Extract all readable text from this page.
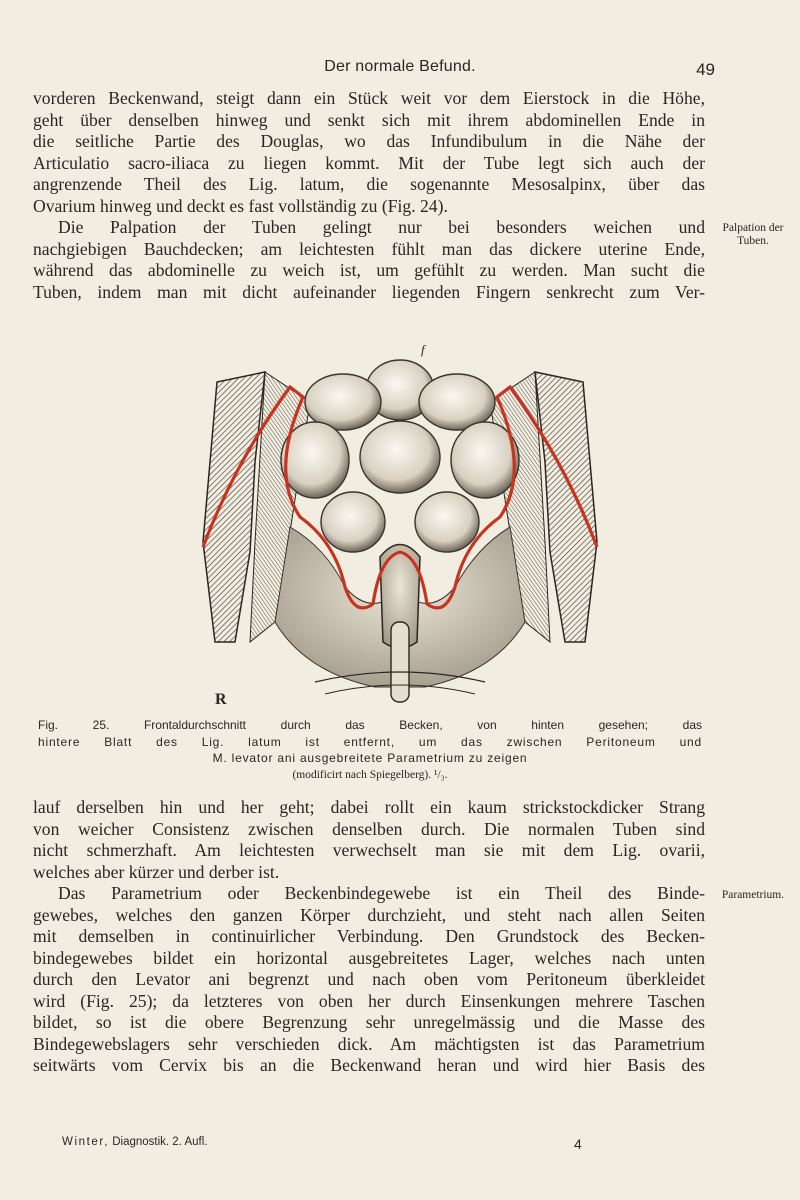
Der normale Befund.	49

vorderen Beckenwand, steigt dann ein Stück weit vor dem Eierstock in die Höhe,

geht über denselben hinweg und senkt sich mit ihrem abdominellen Ende in

die seitliche Partie des Douglas, wo das Infundibulum in die Nähe der

Articulatio sacro-iliaca zu liegen kommt. Mit der Tube legt sich auch der

angrenzende Theil des Lig. latum, die sogenannte Mesosalpinx, über das

Ovarium hinweg und deckt es fast vollständig zu (Fig. 24).

Die Palpation der Tuben gelingt nur bei besonders weichen und

nachgiebigen Bauchdecken; am leichtesten fühlt man das dickere uterine Ende,

während das abdominelle zu weich ist, um gefühlt zu werden. Man sucht die

Tuben, indem man mit dicht aufeinander liegenden Fingern senkrecht zum Ver-

Palpation der
Tuben.
f
R
Fig. 25. Frontaldurchschnitt durch das Becken, von hinten gesehen; das
hintere Blatt des Lig. latum ist entfernt, um das zwischen Peritoneum und
M. levator ani ausgebreitete Parametrium zu zeigen
(modificirt nach Spiegelberg). ¹/₃.

lauf derselben hin und her geht; dabei rollt ein kaum strickstockdicker Strang

von weicher Consistenz zwischen denselben durch. Die normalen Tuben sind

nicht schmerzhaft. Am leichtesten verwechselt man sie mit dem Lig. ovarii,

welches aber kürzer und derber ist.

Das Parametrium oder Beckenbindegewebe ist ein Theil des Binde-

gewebes, welches den ganzen Körper durchzieht, und steht nach allen Seiten

mit demselben in continuirlicher Verbindung. Den Grundstock des Becken-

bindegewebes bildet ein horizontal ausgebreitetes Lager, welches nach unten

durch den Levator ani begrenzt und nach oben vom Peritoneum überkleidet

wird (Fig. 25); da letzteres von oben her durch Einsenkungen mehrere Taschen

bildet, so ist die obere Begrenzung sehr unregelmässig und die Masse des

Bindegewebslagers sehr verschieden dick. Am mächtigsten ist das Parametrium

seitwärts vom Cervix bis an die Beckenwand heran und wird hier Basis des

Parametrium.
Winter, Diagnostik. 2. Aufl.	4
